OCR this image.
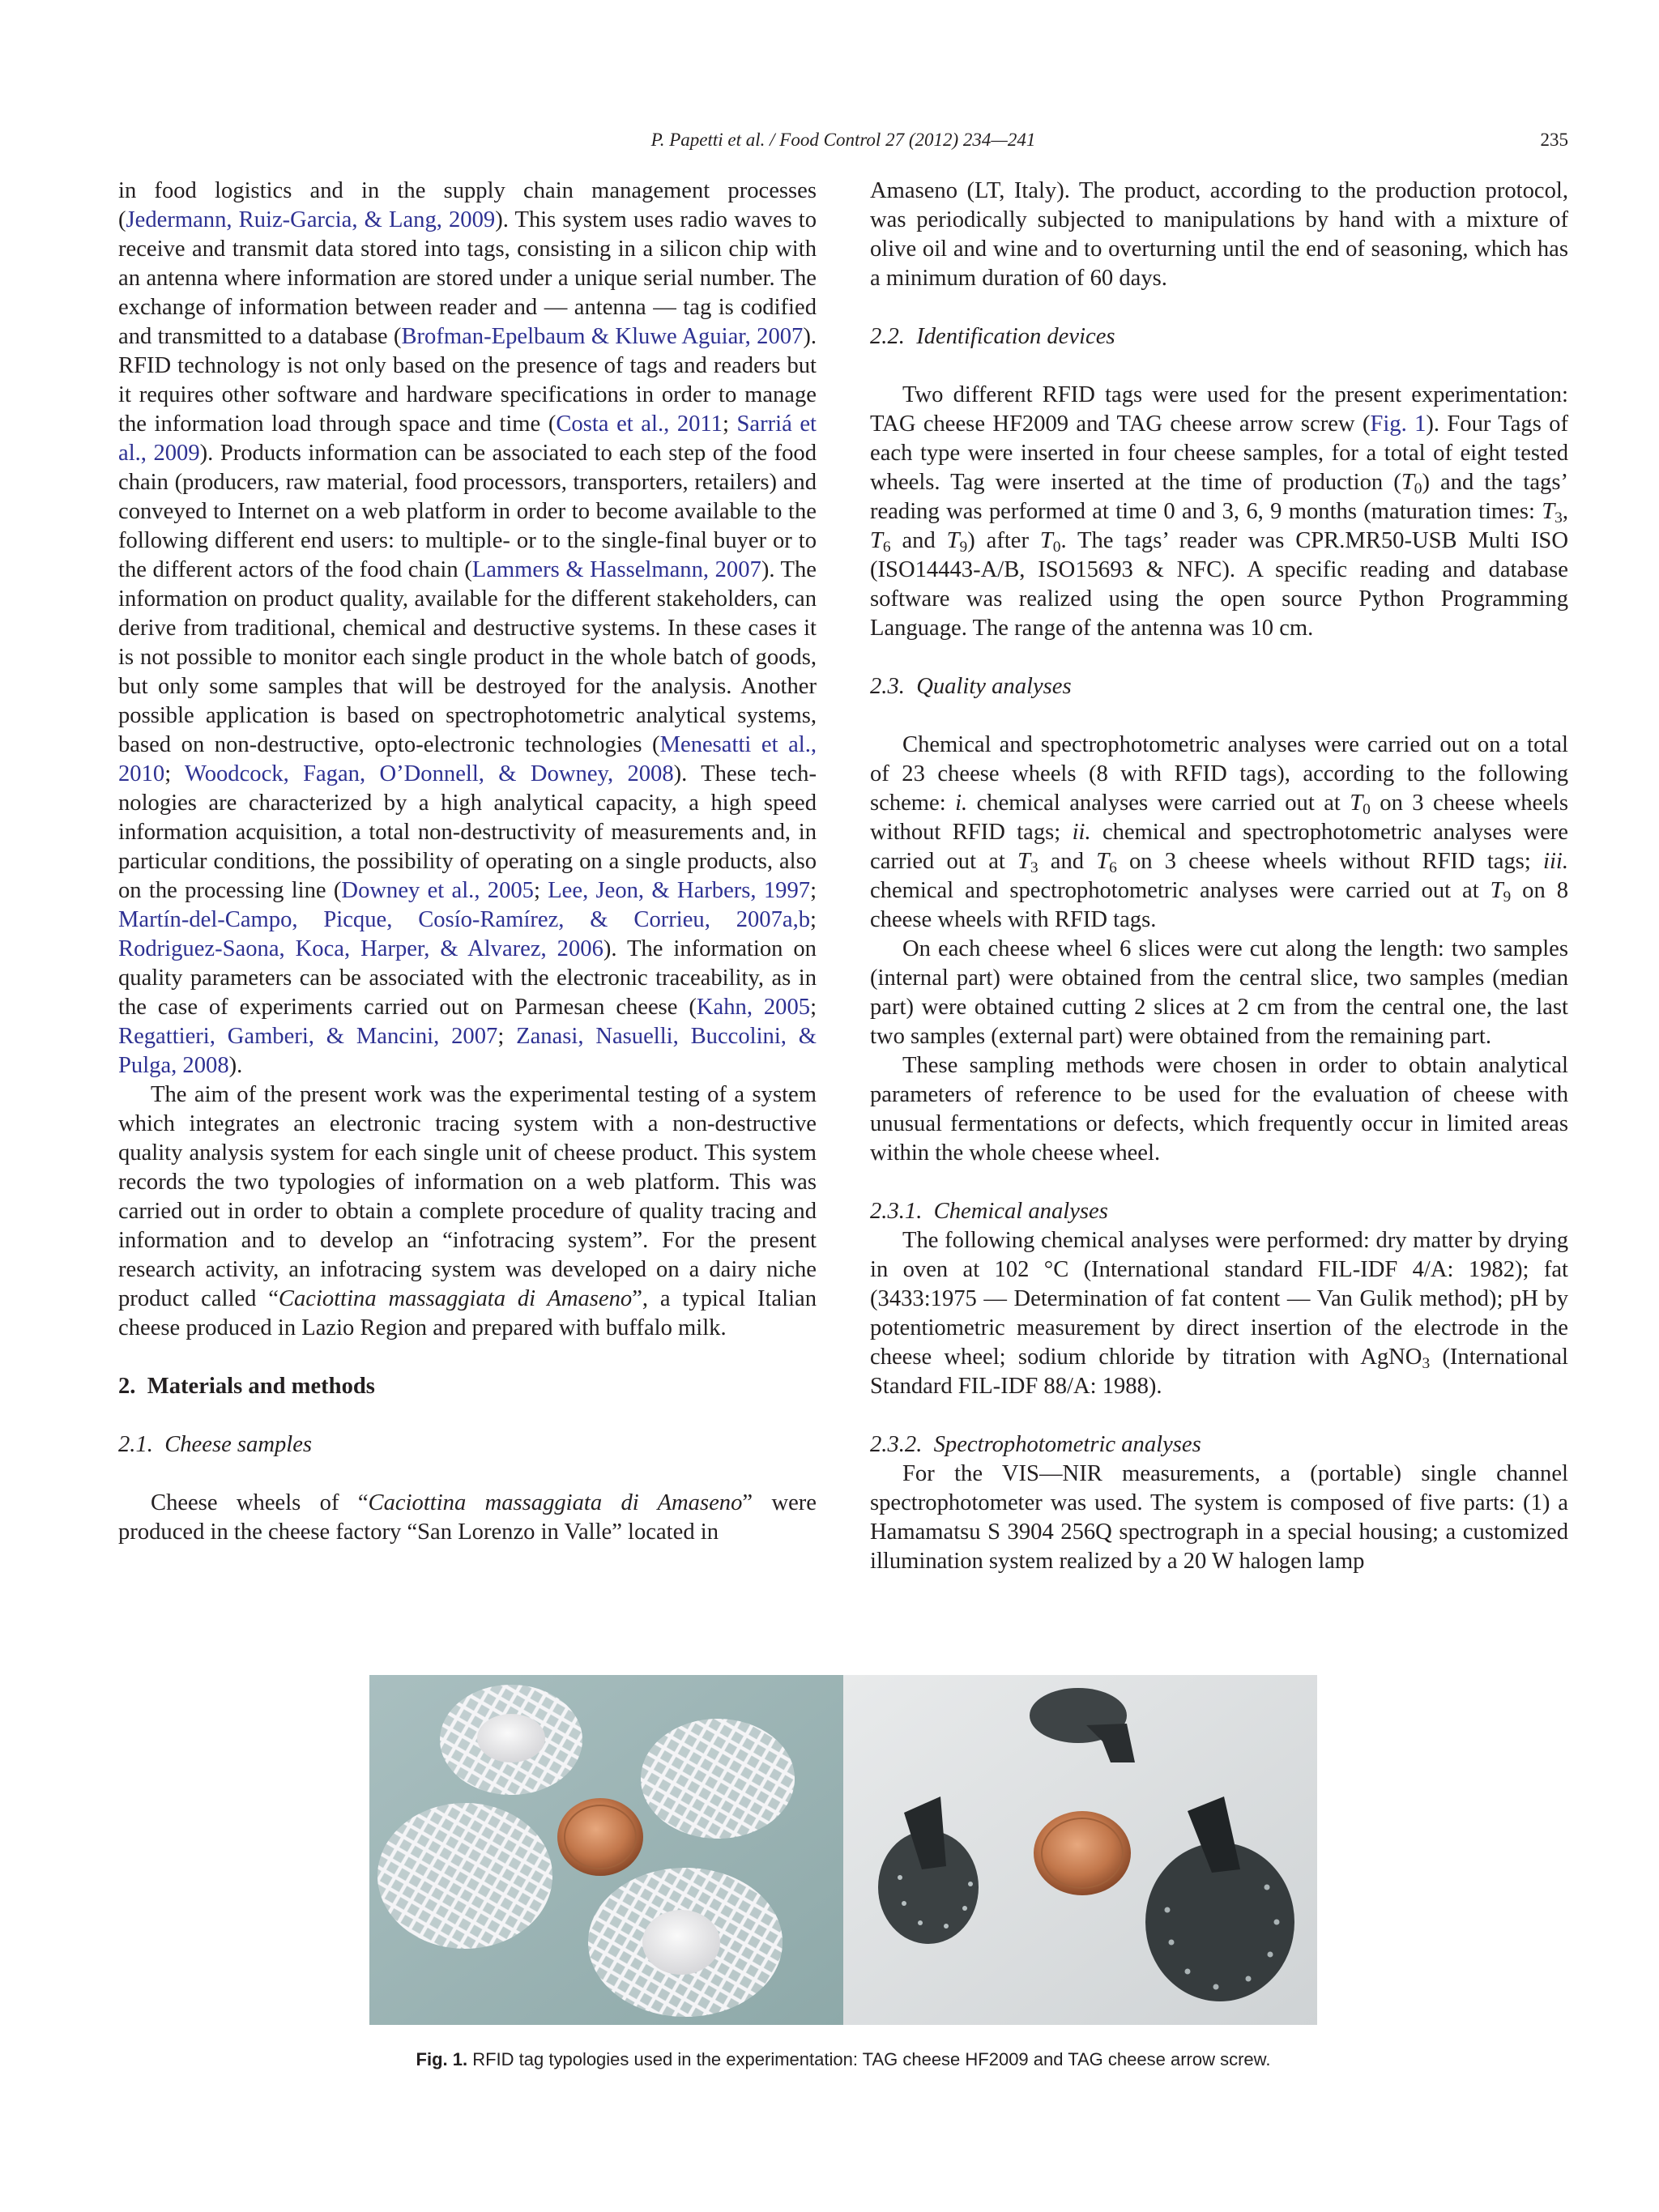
P. Papetti et al. / Food Control 27 (2012) 234—241	235

in food logistics and in the supply chain management processes (Jedermann, Ruiz-Garcia, & Lang, 2009). This system uses radio waves to receive and transmit data stored into tags, consisting in a silicon chip with an antenna where information are stored under a unique serial number. The exchange of information between reader and — antenna — tag is codified and transmitted to a database (Brofman-Epelbaum & Kluwe Aguiar, 2007). RFID technology is not only based on the presence of tags and readers but it requires other software and hardware specifications in order to manage the information load through space and time (Costa et al., 2011; Sarriá et al., 2009). Products information can be associated to each step of the food chain (producers, raw material, food processors, transporters, retailers) and conveyed to Internet on a web platform in order to become available to the following different end users: to multiple- or to the single-final buyer or to the different actors of the food chain (Lammers & Hasselmann, 2007). The information on product quality, available for the different stakeholders, can derive from traditional, chemical and destructive systems. In these cases it is not possible to monitor each single product in the whole batch of goods, but only some samples that will be destroyed for the analysis. Another possible application is based on spectrophotometric analytical systems, based on non-destructive, opto-electronic technologies (Menesatti et al., 2010; Woodcock, Fagan, O’Donnell, & Downey, 2008). These technologies are characterized by a high analytical capacity, a high speed information acquisition, a total non-destructivity of measurements and, in particular conditions, the possibility of operating on a single products, also on the processing line (Downey et al., 2005; Lee, Jeon, & Harbers, 1997; Martín-del-Campo, Picque, Cosío-Ramírez, & Corrieu, 2007a,b; Rodriguez-Saona, Koca, Harper, & Alvarez, 2006). The information on quality parameters can be associated with the electronic traceability, as in the case of experiments carried out on Parmesan cheese (Kahn, 2005; Regattieri, Gamberi, & Mancini, 2007; Zanasi, Nasuelli, Buccolini, & Pulga, 2008).

The aim of the present work was the experimental testing of a system which integrates an electronic tracing system with a non-destructive quality analysis system for each single unit of cheese product. This system records the two typologies of information on a web platform. This was carried out in order to obtain a complete procedure of quality tracing and information and to develop an “infotracing system”. For the present research activity, an infotracing system was developed on a dairy niche product called “Caciottina massaggiata di Amaseno”, a typical Italian cheese produced in Lazio Region and prepared with buffalo milk.

2. Materials and methods

2.1. Cheese samples

Cheese wheels of “Caciottina massaggiata di Amaseno” were produced in the cheese factory “San Lorenzo in Valle” located in

Amaseno (LT, Italy). The product, according to the production protocol, was periodically subjected to manipulations by hand with a mixture of olive oil and wine and to overturning until the end of seasoning, which has a minimum duration of 60 days.

2.2. Identification devices

Two different RFID tags were used for the present experimentation: TAG cheese HF2009 and TAG cheese arrow screw (Fig. 1). Four Tags of each type were inserted in four cheese samples, for a total of eight tested wheels. Tag were inserted at the time of production $(T_0)$ and the tags’ reading was performed at time 0 and 3, 6, 9 months (maturation times: $T_3$, $T_6$ and $T_9$) after $T_0$. The tags’ reader was CPR.MR50-USB Multi ISO (ISO14443-A/B, ISO15693 & NFC). A specific reading and database software was realized using the open source Python Programming Language. The range of the antenna was 10 cm.

2.3. Quality analyses

Chemical and spectrophotometric analyses were carried out on a total of 23 cheese wheels (8 with RFID tags), according to the following scheme: i. chemical analyses were carried out at $T_0$ on 3 cheese wheels without RFID tags; ii. chemical and spectrophotometric analyses were carried out at $T_3$ and $T_6$ on 3 cheese wheels without RFID tags; iii. chemical and spectrophotometric analyses were carried out at $T_9$ on 8 cheese wheels with RFID tags.

On each cheese wheel 6 slices were cut along the length: two samples (internal part) were obtained from the central slice, two samples (median part) were obtained cutting 2 slices at 2 cm from the central one, the last two samples (external part) were obtained from the remaining part.

These sampling methods were chosen in order to obtain analytical parameters of reference to be used for the evaluation of cheese with unusual fermentations or defects, which frequently occur in limited areas within the whole cheese wheel.

2.3.1. Chemical analyses

The following chemical analyses were performed: dry matter by drying in oven at 102 °C (International standard FIL-IDF 4/A: 1982); fat (3433:1975 — Determination of fat content — Van Gulik method); pH by potentiometric measurement by direct insertion of the electrode in the cheese wheel; sodium chloride by titration with AgNO$_3$ (International Standard FIL-IDF 88/A: 1988).

2.3.2. Spectrophotometric analyses

For the VIS—NIR measurements, a (portable) single channel spectrophotometer was used. The system is composed of five parts: (1) a Hamamatsu S 3904 256Q spectrograph in a special housing; a customized illumination system realized by a 20 W halogen lamp

Fig. 1. RFID tag typologies used in the experimentation: TAG cheese HF2009 and TAG cheese arrow screw.
